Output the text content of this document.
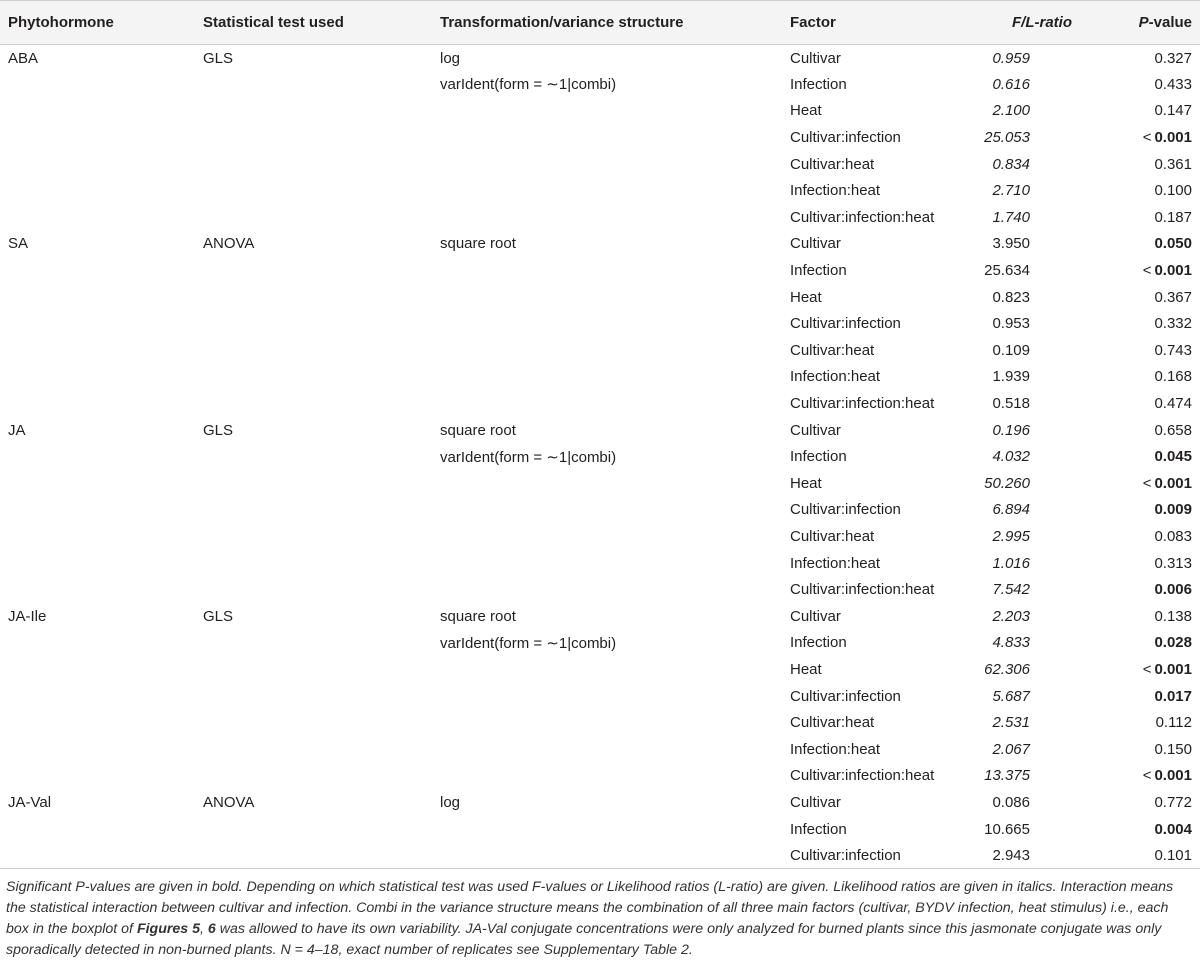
Phytohormone	Statistical test used	Transformation/variance structure	Factor	F/L-ratio	P-value
ABA	GLS	log	Cultivar	0.959	0.327
		varIdent(form = ∼1|combi)	Infection	0.616	0.433
			Heat	2.100	0.147
			Cultivar:infection	25.053	< 0.001
			Cultivar:heat	0.834	0.361
			Infection:heat	2.710	0.100
			Cultivar:infection:heat	1.740	0.187
SA	ANOVA	square root	Cultivar	3.950	0.050
			Infection	25.634	< 0.001
			Heat	0.823	0.367
			Cultivar:infection	0.953	0.332
			Cultivar:heat	0.109	0.743
			Infection:heat	1.939	0.168
			Cultivar:infection:heat	0.518	0.474
JA	GLS	square root	Cultivar	0.196	0.658
		varIdent(form = ∼1|combi)	Infection	4.032	0.045
			Heat	50.260	< 0.001
			Cultivar:infection	6.894	0.009
			Cultivar:heat	2.995	0.083
			Infection:heat	1.016	0.313
			Cultivar:infection:heat	7.542	0.006
JA-Ile	GLS	square root	Cultivar	2.203	0.138
		varIdent(form = ∼1|combi)	Infection	4.833	0.028
			Heat	62.306	< 0.001
			Cultivar:infection	5.687	0.017
			Cultivar:heat	2.531	0.112
			Infection:heat	2.067	0.150
			Cultivar:infection:heat	13.375	< 0.001
JA-Val	ANOVA	log	Cultivar	0.086	0.772
			Infection	10.665	0.004
			Cultivar:infection	2.943	0.101
Significant P-values are given in bold. Depending on which statistical test was used F-values or Likelihood ratios (L-ratio) are given. Likelihood ratios are given in italics. Interaction means the statistical interaction between cultivar and infection. Combi in the variance structure means the combination of all three main factors (cultivar, BYDV infection, heat stimulus) i.e., each box in the boxplot of Figures 5, 6 was allowed to have its own variability. JA-Val conjugate concentrations were only analyzed for burned plants since this jasmonate conjugate was only sporadically detected in non-burned plants. N = 4–18, exact number of replicates see Supplementary Table 2.
